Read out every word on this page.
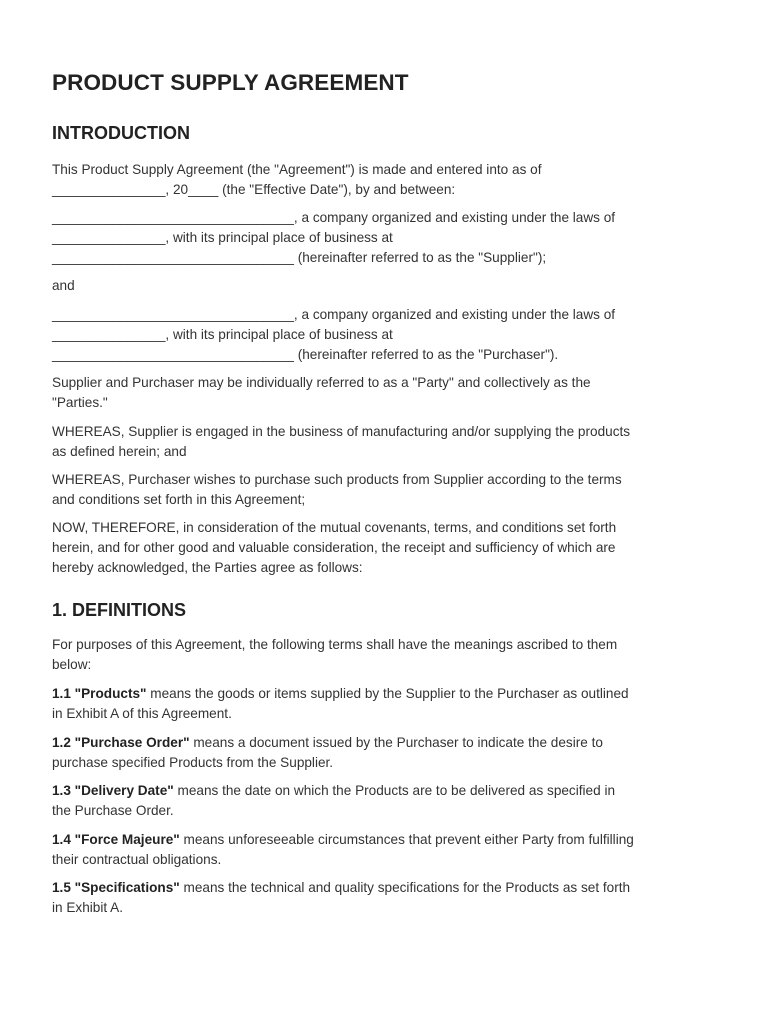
PRODUCT SUPPLY AGREEMENT
INTRODUCTION

This Product Supply Agreement (the "Agreement") is made and entered into as of
_______________, 20____ (the "Effective Date"), by and between:

________________________________, a company organized and existing under the laws of
_______________, with its principal place of business at
________________________________ (hereinafter referred to as the "Supplier");

and

________________________________, a company organized and existing under the laws of
_______________, with its principal place of business at
________________________________ (hereinafter referred to as the "Purchaser").

Supplier and Purchaser may be individually referred to as a "Party" and collectively as the
"Parties."

WHEREAS, Supplier is engaged in the business of manufacturing and/or supplying the products
as defined herein; and

WHEREAS, Purchaser wishes to purchase such products from Supplier according to the terms
and conditions set forth in this Agreement;

NOW, THEREFORE, in consideration of the mutual covenants, terms, and conditions set forth
herein, and for other good and valuable consideration, the receipt and sufficiency of which are
hereby acknowledged, the Parties agree as follows:

1. DEFINITIONS

For purposes of this Agreement, the following terms shall have the meanings ascribed to them
below:

1.1 "Products" means the goods or items supplied by the Supplier to the Purchaser as outlined
in Exhibit A of this Agreement.

1.2 "Purchase Order" means a document issued by the Purchaser to indicate the desire to
purchase specified Products from the Supplier.

1.3 "Delivery Date" means the date on which the Products are to be delivered as specified in
the Purchase Order.

1.4 "Force Majeure" means unforeseeable circumstances that prevent either Party from fulfilling
their contractual obligations.

1.5 "Specifications" means the technical and quality specifications for the Products as set forth
in Exhibit A.
